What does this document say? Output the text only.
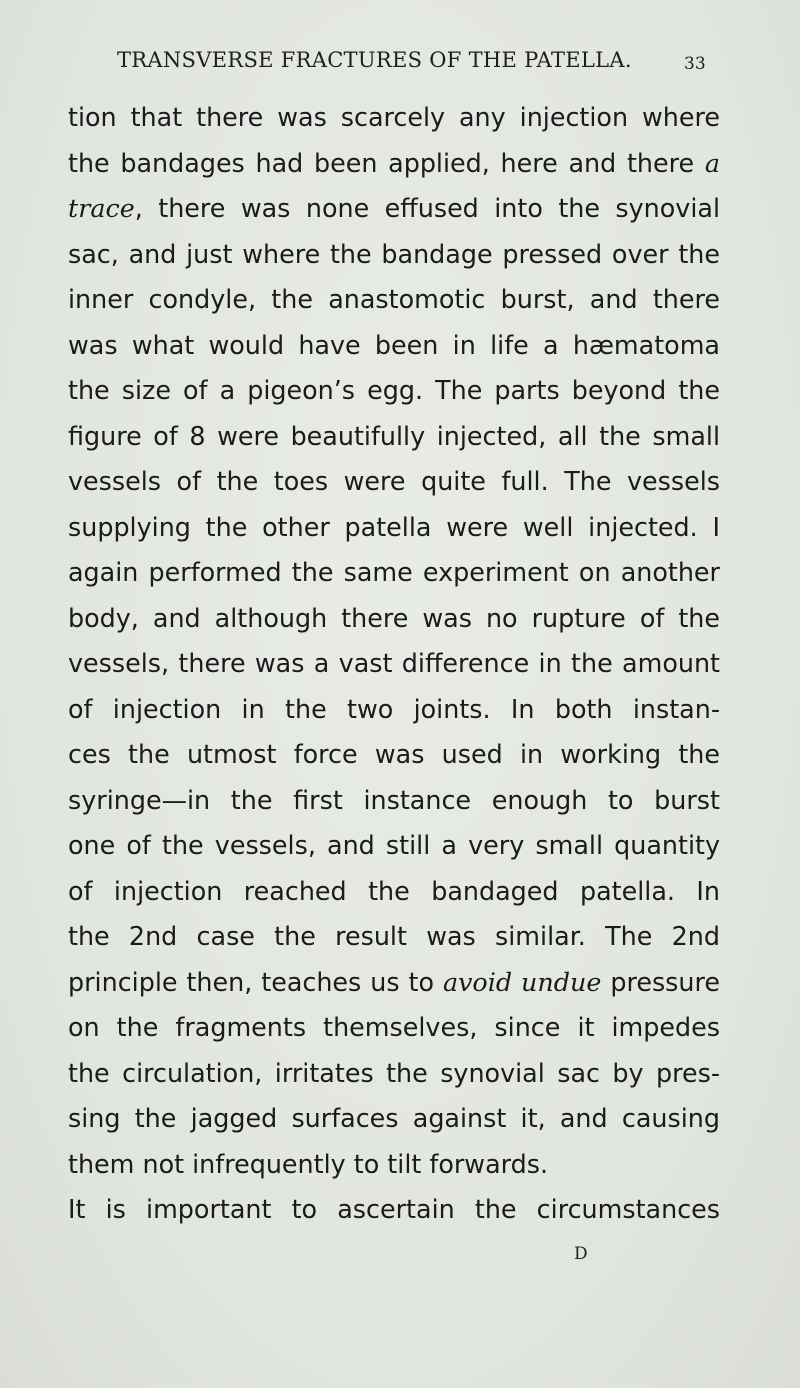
TRANSVERSE FRACTURES OF THE PATELLA.	33
tion that there was scarcely any injection where
the bandages had been applied, here and there a
trace, there was none effused into the synovial
sac, and just where the bandage pressed over the
inner condyle, the anastomotic burst, and there
was what would have been in life a hæmatoma
the size of a pigeon’s egg. The parts beyond the
figure of 8 were beautifully injected, all the small
vessels of the toes were quite full. The vessels
supplying the other patella were well injected. I
again performed the same experiment on another
body, and although there was no rupture of the
vessels, there was a vast difference in the amount
of injection in the two joints. In both instan-
ces the utmost force was used in working the
syringe—in the first instance enough to burst
one of the vessels, and still a very small quantity
of injection reached the bandaged patella. In
the 2nd case the result was similar. The 2nd
principle then, teaches us to avoid undue pressure
on the fragments themselves, since it impedes
the circulation, irritates the synovial sac by pres-
sing the jagged surfaces against it, and causing
them not infrequently to tilt forwards.
It is important to ascertain the circumstances
D
